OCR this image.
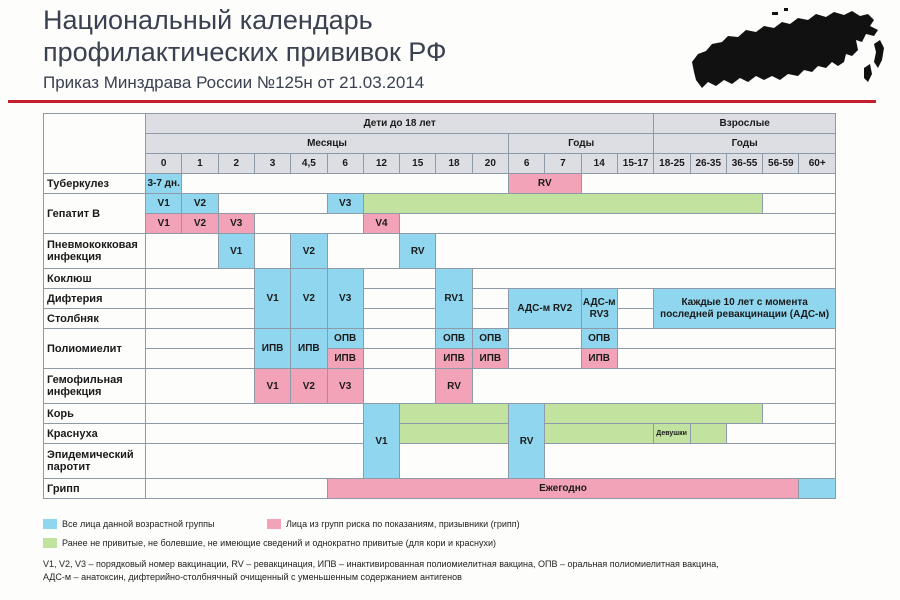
Национальный календарь
профилактических прививок РФ
Приказ Минздрава России №125н от 21.03.2014
	Дети до 18 лет														Взрослые				
	Месяцы										Годы				Годы				
	0	1	2	3	4,5	6	12	15	18	20	6	7	14	15-17	18-25	26-35	36-55	56-59	60+
Туберкулез	3-7 дн.										RV								
Гепатит В	V1	V2				V3													
	V1	V2	V3				V4												
Пневмококковая инфекция			V1		V2			RV											
Коклюш				V1	V2	V3			RV1										
Дифтерия											АДС-м RV2		АДС-м RV3		Каждые 10 лет с момента последней ревакцинации (АДС-м)				
Столбняк																			
Полиомиелит				ИПВ	ИПВ	ОПВ			ОПВ	ОПВ			ОПВ						
						ИПВ			ИПВ	ИПВ			ИПВ						
Гемофильная инфекция				V1	V2	V3			RV										
Корь							V1				RV								
Краснуха															Девушки				
Эпидемический паротит																			
Грипп						Ежегодно													
Все лица данной возрастной группы	Лица из групп риска по показаниям, призывники (грипп)
Ранее не привитые, не болевшие, не имеющие сведений и однократно привитые (для кори и краснухи)
V1, V2, V3 – порядковый номер вакцинации, RV – ревакцинация, ИПВ – инактивированная полиомиелитная вакцина, ОПВ – оральная полиомиелитная вакцина,
АДС-м – анатоксин, дифтерийно-столбнячный очищенный с уменьшенным содержанием антигенов
